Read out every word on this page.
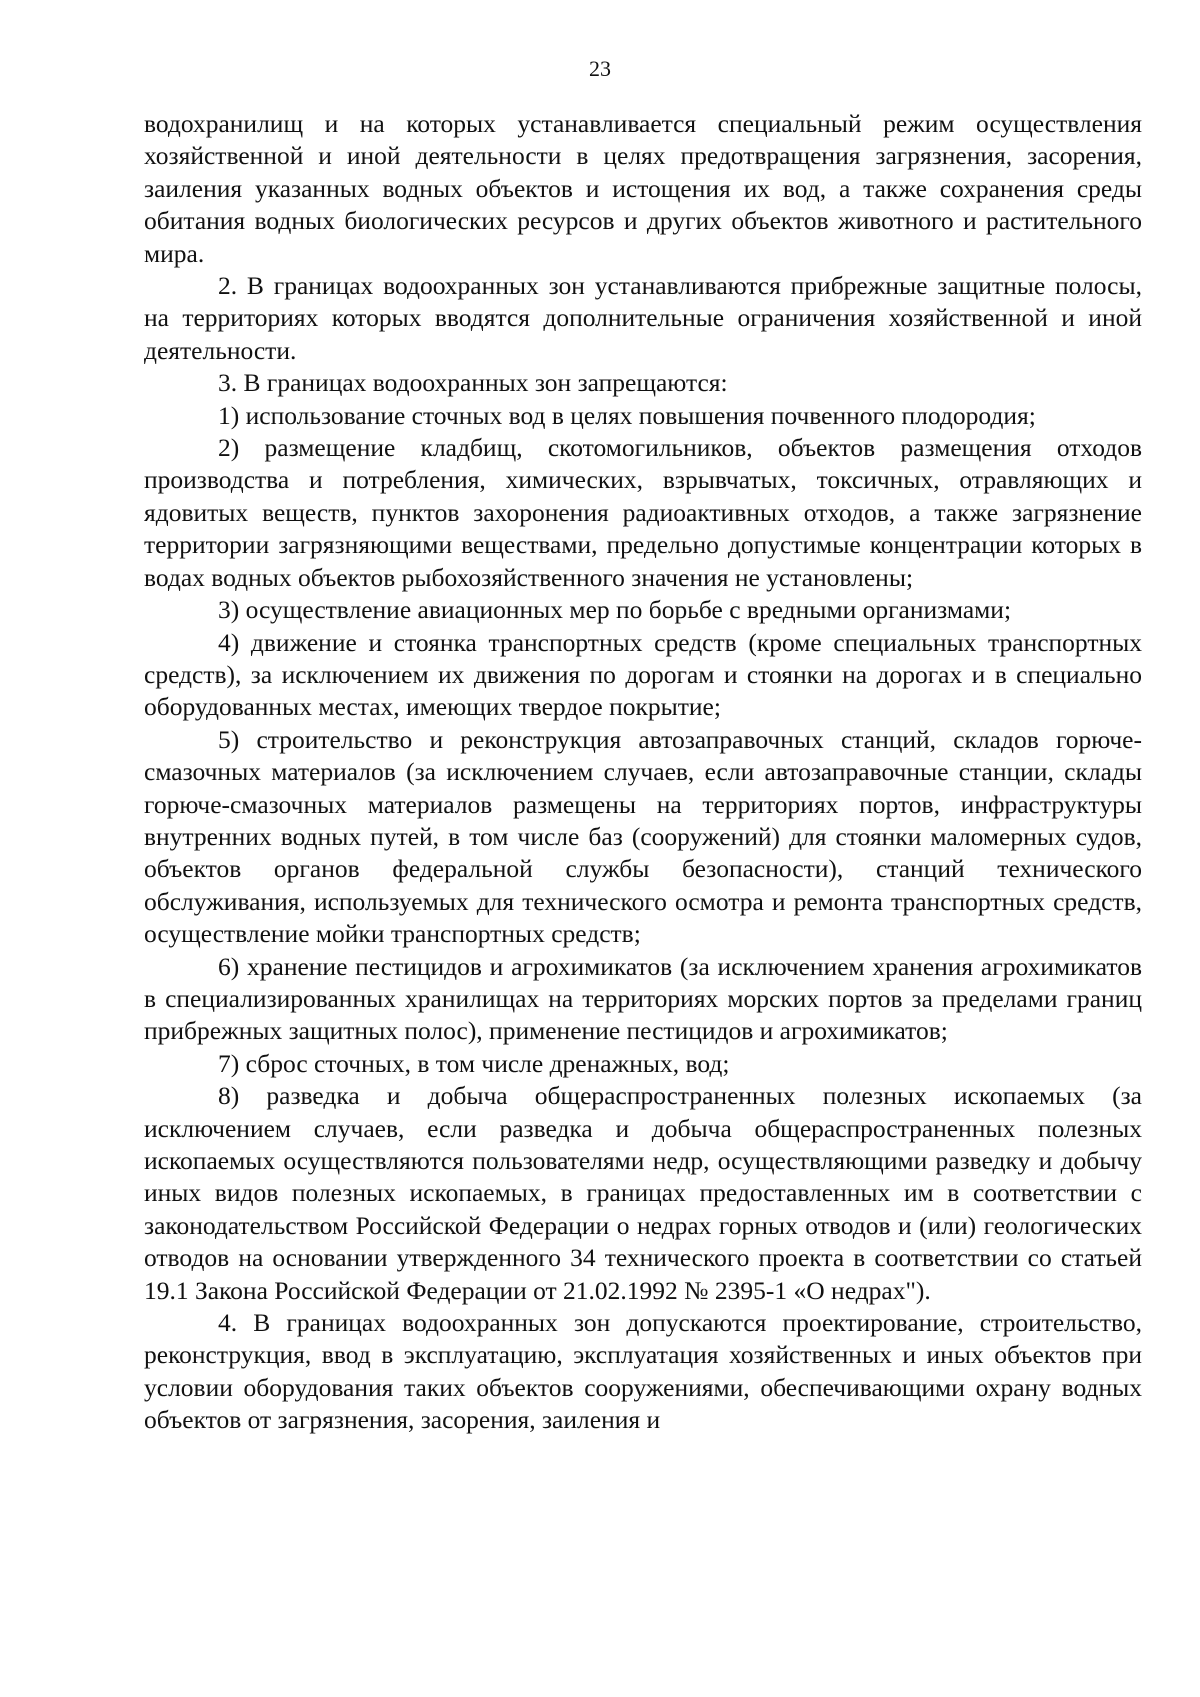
23

водохранилищ и на которых устанавливается специальный режим осуществления хозяйственной и иной деятельности в целях предотвращения загрязнения, засорения, заиления указанных водных объектов и истощения их вод, а также сохранения среды обитания водных биологических ресурсов и других объектов животного и растительного мира.

2. В границах водоохранных зон устанавливаются прибрежные защитные полосы, на территориях которых вводятся дополнительные ограничения хозяйственной и иной деятельности.

3. В границах водоохранных зон запрещаются:

1) использование сточных вод в целях повышения почвенного плодородия;

2) размещение кладбищ, скотомогильников, объектов размещения отходов производства и потребления, химических, взрывчатых, токсичных, отравляющих и ядовитых веществ, пунктов захоронения радиоактивных отходов, а также загрязнение территории загрязняющими веществами, предельно допустимые концентрации которых в водах водных объектов рыбохозяйственного значения не установлены;

3) осуществление авиационных мер по борьбе с вредными организмами;

4) движение и стоянка транспортных средств (кроме специальных транспортных средств), за исключением их движения по дорогам и стоянки на дорогах и в специально оборудованных местах, имеющих твердое покрытие;

5) строительство и реконструкция автозаправочных станций, складов горюче-смазочных материалов (за исключением случаев, если автозаправочные станции, склады горюче-смазочных материалов размещены на территориях портов, инфраструктуры внутренних водных путей, в том числе баз (сооружений) для стоянки маломерных судов, объектов органов федеральной службы безопасности), станций технического обслуживания, используемых для технического осмотра и ремонта транспортных средств, осуществление мойки транспортных средств;

6) хранение пестицидов и агрохимикатов (за исключением хранения агрохимикатов в специализированных хранилищах на территориях морских портов за пределами границ прибрежных защитных полос), применение пестицидов и агрохимикатов;

7) сброс сточных, в том числе дренажных, вод;

8) разведка и добыча общераспространенных полезных ископаемых (за исключением случаев, если разведка и добыча общераспространенных полезных ископаемых осуществляются пользователями недр, осуществляющими разведку и добычу иных видов полезных ископаемых, в границах предоставленных им в соответствии с законодательством Российской Федерации о недрах горных отводов и (или) геологических отводов на основании утвержденного 34 технического проекта в соответствии со статьей 19.1 Закона Российской Федерации от 21.02.1992 № 2395-1 «О недрах").

4. В границах водоохранных зон допускаются проектирование, строительство, реконструкция, ввод в эксплуатацию, эксплуатация хозяйственных и иных объектов при условии оборудования таких объектов сооружениями, обеспечивающими охрану водных объектов от загрязнения, засорения, заиления и
